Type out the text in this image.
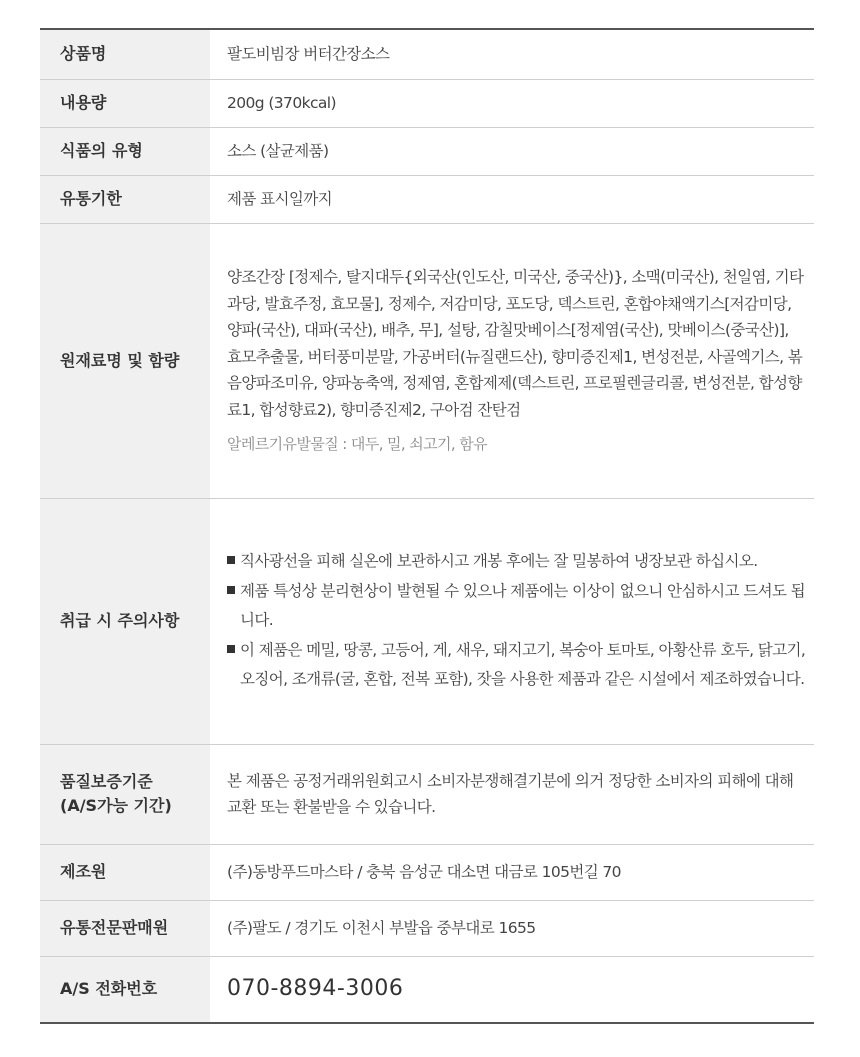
상품명	팔도비빔장 버터간장소스
내용량	200g (370kcal)
식품의 유형	소스 (살균제품)
유통기한	제품 표시일까지
원재료명 및 함량	양조간장 [정제수, 탈지대두{외국산(인도산, 미국산, 중국산)}, 소맥(미국산), 천일염, 기타과당, 발효주정, 효모물], 정제수, 저감미당, 포도당, 덱스트린, 혼합야채액기스[저감미당, 양파(국산), 대파(국산), 배추, 무], 설탕, 감칠맛베이스[정제염(국산), 맛베이스(중국산)], 효모추출물, 버터풍미분말, 가공버터(뉴질랜드산), 향미증진제1, 변성전분, 사골엑기스, 볶음양파조미유, 양파농축액, 정제염, 혼합제제(덱스트린, 프로필렌글리콜, 변성전분, 합성향료1, 합성향료2), 향미증진제2, 구아검 잔탄검
알레르기유발물질 : 대두, 밀, 쇠고기, 함유

취급 시 주의사항	직사광선을 피해 실온에 보관하시고 개봉 후에는 잘 밀봉하여 냉장보관 하십시오.
제품 특성상 분리현상이 발현될 수 있으나 제품에는 이상이 없으니 안심하시고 드셔도 됩니다.
이 제품은 메밀, 땅콩, 고등어, 게, 새우, 돼지고기, 복숭아 토마토, 아황산류 호두, 닭고기, 오징어, 조개류(굴, 혼합, 전복 포함), 잣을 사용한 제품과 같은 시설에서 제조하였습니다.

품질보증기준
(A/S가능 기간)	본 제품은 공정거래위원회고시 소비자분쟁해결기분에 의거 정당한 소비자의 피해에 대해 교환 또는 환불받을 수 있습니다.
제조원	(주)동방푸드마스타 / 충북 음성군 대소면 대금로 105번길 70
유통전문판매원	(주)팔도 / 경기도 이천시 부발읍 중부대로 1655
A/S 전화번호	070-8894-3006
